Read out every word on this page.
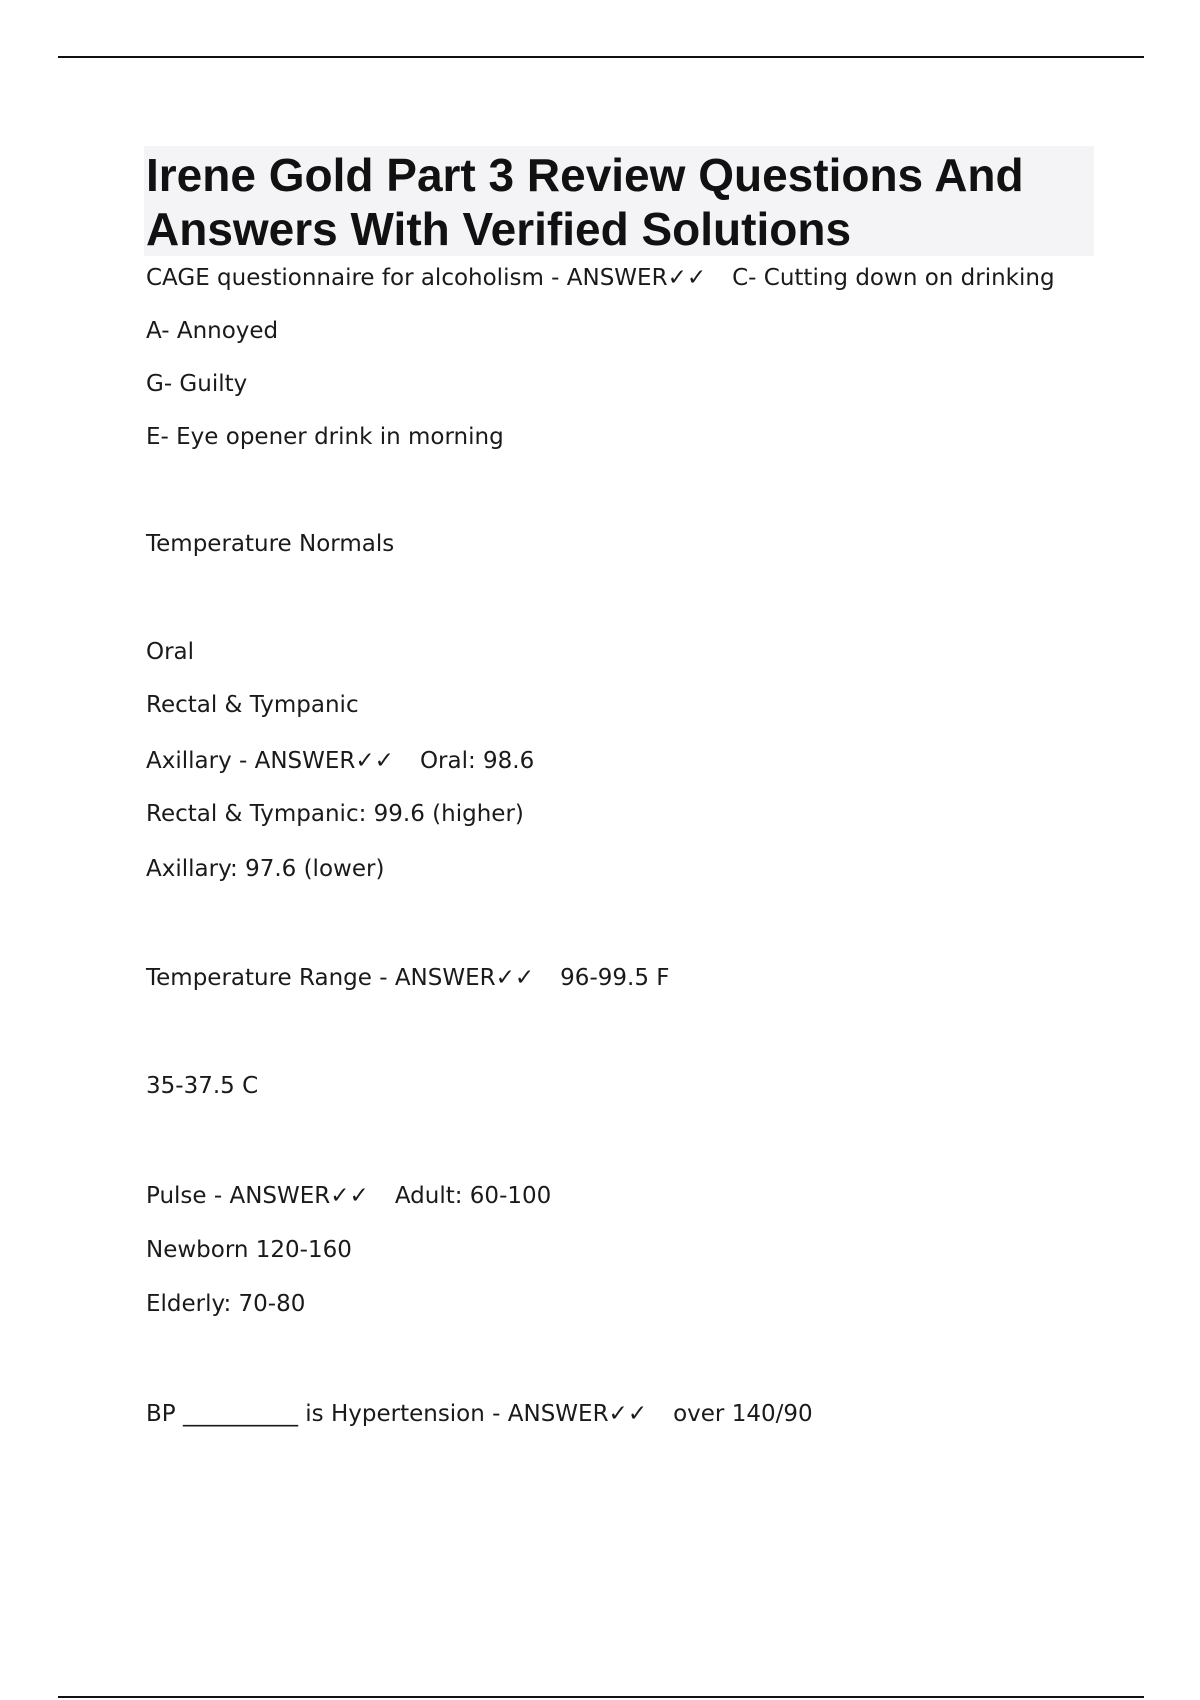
Irene Gold Part 3 Review Questions And Answers With Verified Solutions
CAGE questionnaire for alcoholism - ANSWER✓✓ C- Cutting down on drinking
A- Annoyed
G- Guilty
E- Eye opener drink in morning
Temperature Normals
Oral
Rectal & Tympanic
Axillary - ANSWER✓✓ Oral: 98.6
Rectal & Tympanic: 99.6 (higher)
Axillary: 97.6 (lower)
Temperature Range - ANSWER✓✓ 96-99.5 F
35-37.5 C
Pulse - ANSWER✓✓ Adult: 60-100
Newborn 120-160
Elderly: 70-80
BP __________ is Hypertension - ANSWER✓✓ over 140/90
